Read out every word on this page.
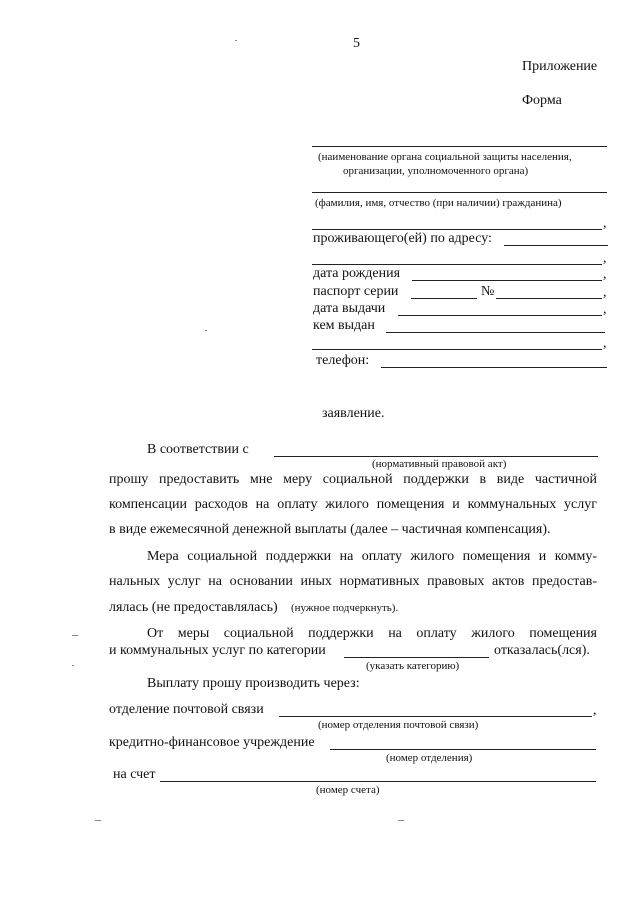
5
Приложение
Форма
(наименование органа социальной защиты населения,
организации, уполномоченного органа)
(фамилия, имя, отчество (при наличии) гражданина)
,
проживающего(ей) по адресу:
,
дата рождения	,
паспорт серии	№	,
дата выдачи	,
кем выдан
,
телефон:
заявление.
В соответствии с
(нормативный правовой акт)
прошу предоставить мне меру социальной поддержки в виде частичной
компенсации расходов на оплату жилого помещения и коммунальных услуг
в виде ежемесячной денежной выплаты (далее – частичная компенсация).
Мера социальной поддержки на оплату жилого помещения и комму-
нальных услуг на основании иных нормативных правовых актов предостав-
лялась (не предоставлялась) (нужное подчеркнуть).
От меры социальной поддержки на оплату жилого помещения
и коммунальных услуг по категории	отказалась(лся).
(указать категорию)
Выплату прошу производить через:
отделение почтовой связи	,
(номер отделения почтовой связи)
кредитно-финансовое учреждение
(номер отделения)
на счет
(номер счета)
